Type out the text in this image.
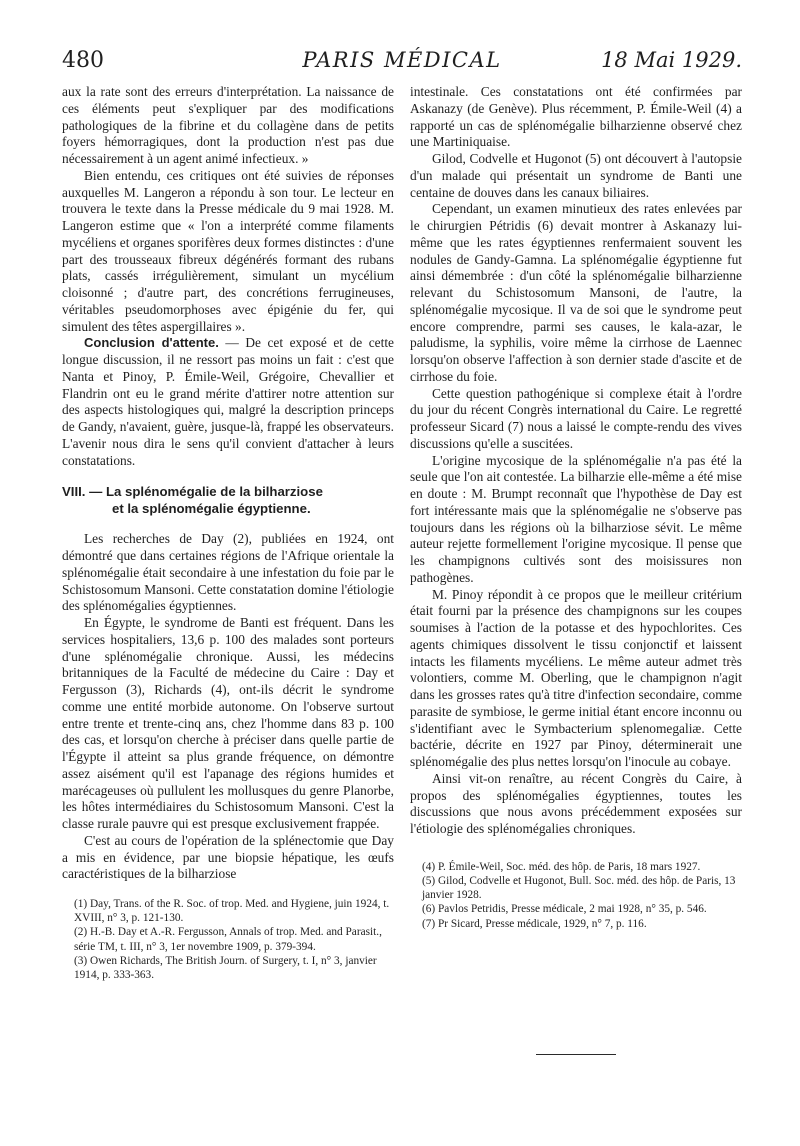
480	PARIS MÉDICAL	18 Mai 1929.

aux la rate sont des erreurs d'interprétation. La naissance de ces éléments peut s'expliquer par des modifications pathologiques de la fibrine et du collagène dans de petits foyers hémorragiques, dont la production n'est pas due nécessairement à un agent animé infectieux. »

Bien entendu, ces critiques ont été suivies de réponses auxquelles M. Langeron a répondu à son tour. Le lecteur en trouvera le texte dans la Presse médicale du 9 mai 1928. M. Langeron estime que « l'on a interprété comme filaments mycéliens et organes sporifères deux formes distinctes : d'une part des trousseaux fibreux dégénérés formant des rubans plats, cassés irrégulièrement, simulant un mycélium cloisonné ; d'autre part, des concrétions ferrugineuses, véritables pseudomorphoses avec épigénie du fer, qui simulent des têtes aspergillaires ».

Conclusion d'attente. — De cet exposé et de cette longue discussion, il ne ressort pas moins un fait : c'est que Nanta et Pinoy, P. Émile-Weil, Grégoire, Chevallier et Flandrin ont eu le grand mérite d'attirer notre attention sur des aspects histologiques qui, malgré la description princeps de Gandy, n'avaient, guère, jusque-là, frappé les observateurs. L'avenir nous dira le sens qu'il convient d'attacher à leurs constatations.

VIII. — La splénomégalie de la bilharziose
et la splénomégalie égyptienne.

Les recherches de Day (2), publiées en 1924, ont démontré que dans certaines régions de l'Afrique orientale la splénomégalie était secondaire à une infestation du foie par le Schistosomum Mansoni. Cette constatation domine l'étiologie des splénomégalies égyptiennes.

En Égypte, le syndrome de Banti est fréquent. Dans les services hospitaliers, 13,6 p. 100 des malades sont porteurs d'une splénomégalie chronique. Aussi, les médecins britanniques de la Faculté de médecine du Caire : Day et Fergusson (3), Richards (4), ont-ils décrit le syndrome comme une entité morbide autonome. On l'observe surtout entre trente et trente-cinq ans, chez l'homme dans 83 p. 100 des cas, et lorsqu'on cherche à préciser dans quelle partie de l'Égypte il atteint sa plus grande fréquence, on démontre assez aisément qu'il est l'apanage des régions humides et marécageuses où pullulent les mollusques du genre Planorbe, les hôtes intermédiaires du Schistosomum Mansoni. C'est la classe rurale pauvre qui est presque exclusivement frappée.

C'est au cours de l'opération de la splénectomie que Day a mis en évidence, par une biopsie hépatique, les œufs caractéristiques de la bilharziose

(1) Day, Trans. of the R. Soc. of trop. Med. and Hygiene, juin 1924, t. XVIII, n° 3, p. 121-130.

(2) H.-B. Day et A.-R. Fergusson, Annals of trop. Med. and Parasit., série TM, t. III, n° 3, 1er novembre 1909, p. 379-394.

(3) Owen Richards, The British Journ. of Surgery, t. I, n° 3, janvier 1914, p. 333-363.

intestinale. Ces constatations ont été confirmées par Askanazy (de Genève). Plus récemment, P. Émile-Weil (4) a rapporté un cas de splénomégalie bilharzienne observé chez une Martiniquaise.

Gilod, Codvelle et Hugonot (5) ont découvert à l'autopsie d'un malade qui présentait un syndrome de Banti une centaine de douves dans les canaux biliaires.

Cependant, un examen minutieux des rates enlevées par le chirurgien Pétridis (6) devait montrer à Askanazy lui-même que les rates égyptiennes renfermaient souvent les nodules de Gandy-Gamna. La splénomégalie égyptienne fut ainsi démembrée : d'un côté la splénomégalie bilharzienne relevant du Schistosomum Mansoni, de l'autre, la splénomégalie mycosique. Il va de soi que le syndrome peut encore comprendre, parmi ses causes, le kala-azar, le paludisme, la syphilis, voire même la cirrhose de Laennec lorsqu'on observe l'affection à son dernier stade d'ascite et de cirrhose du foie.

Cette question pathogénique si complexe était à l'ordre du jour du récent Congrès international du Caire. Le regretté professeur Sicard (7) nous a laissé le compte-rendu des vives discussions qu'elle a suscitées.

L'origine mycosique de la splénomégalie n'a pas été la seule que l'on ait contestée. La bilharzie elle-même a été mise en doute : M. Brumpt reconnaît que l'hypothèse de Day est fort intéressante mais que la splénomégalie ne s'observe pas toujours dans les régions où la bilharziose sévit. Le même auteur rejette formellement l'origine mycosique. Il pense que les champignons cultivés sont des moisissures non pathogènes.

M. Pinoy répondit à ce propos que le meilleur critérium était fourni par la présence des champignons sur les coupes soumises à l'action de la potasse et des hypochlorites. Ces agents chimiques dissolvent le tissu conjonctif et laissent intacts les filaments mycéliens. Le même auteur admet très volontiers, comme M. Oberling, que le champignon n'agit dans les grosses rates qu'à titre d'infection secondaire, comme parasite de symbiose, le germe initial étant encore inconnu ou s'identifiant avec le Symbacterium splenomegaliæ. Cette bactérie, décrite en 1927 par Pinoy, déterminerait une splénomégalie des plus nettes lorsqu'on l'inocule au cobaye.

Ainsi vit-on renaître, au récent Congrès du Caire, à propos des splénomégalies égyptiennes, toutes les discussions que nous avons précédemment exposées sur l'étiologie des splénomégalies chroniques.

(4) P. Émile-Weil, Soc. méd. des hôp. de Paris, 18 mars 1927.

(5) Gilod, Codvelle et Hugonot, Bull. Soc. méd. des hôp. de Paris, 13 janvier 1928.

(6) Pavlos Petridis, Presse médicale, 2 mai 1928, n° 35, p. 546.

(7) Pr Sicard, Presse médicale, 1929, n° 7, p. 116.
